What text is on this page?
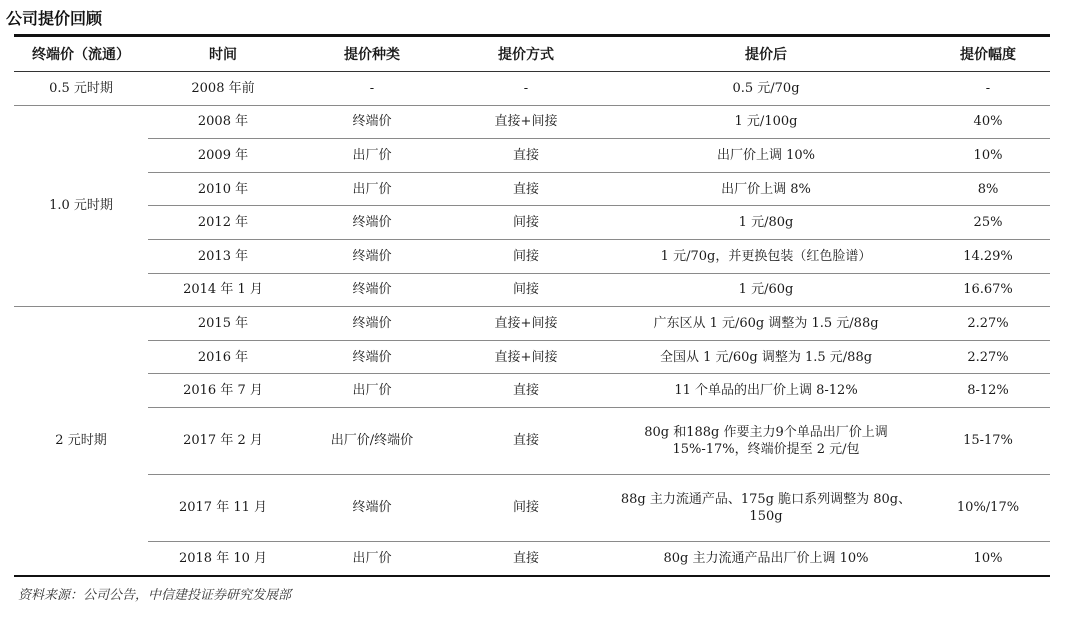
公司提价回顾
终端价（流通）	时间	提价种类	提价方式	提价后	提价幅度
0.5 元时期	2008 年前	-	-	0.5 元/70g	-
1.0 元时期	2008 年	终端价	直接+间接	1 元/100g	40%
	2009 年	出厂价	直接	出厂价上调 10%	10%
	2010 年	出厂价	直接	出厂价上调 8%	8%
	2012 年	终端价	间接	1 元/80g	25%
	2013 年	终端价	间接	1 元/70g，并更换包装（红色脸谱）	14.29%
	2014 年 1 月	终端价	间接	1 元/60g	16.67%
2 元时期	2015 年	终端价	直接+间接	广东区从 1 元/60g 调整为 1.5 元/88g	2.27%
	2016 年	终端价	直接+间接	全国从 1 元/60g 调整为 1.5 元/88g	2.27%
	2016 年 7 月	出厂价	直接	11 个单品的出厂价上调 8-12%	8-12%
	2017 年 2 月	出厂价/终端价	直接	80g 和188g 作要主力9个单品出厂价上调 15%-17%，终端价提至 2 元/包	15-17%
	2017 年 11 月	终端价	间接	88g 主力流通产品、175g 脆口系列调整为 80g、150g	10%/17%
	2018 年 10 月	出厂价	直接	80g 主力流通产品出厂价上调 10%	10%
资料来源：公司公告，中信建投证券研究发展部
